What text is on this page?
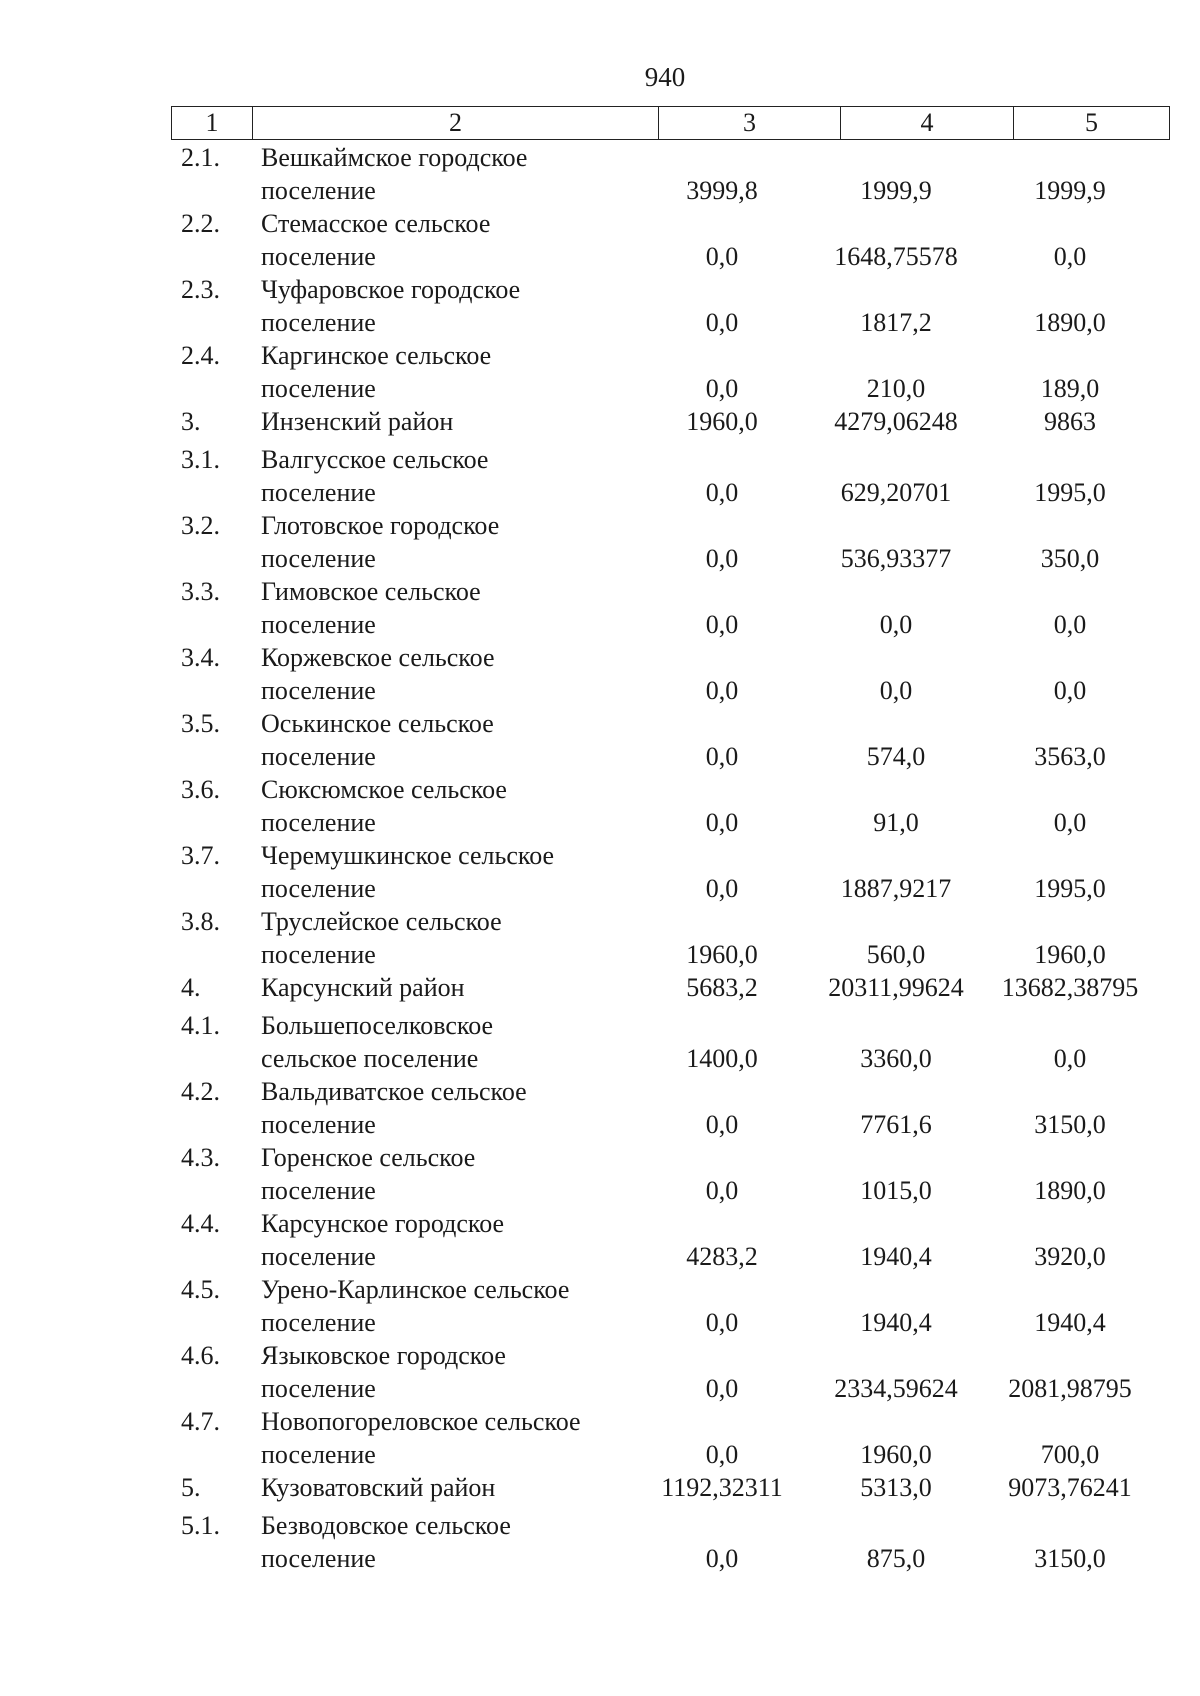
940
1	2	3	4	5
2.1.	Вешкаймское городское
поселение	3999,8	1999,9	1999,9
2.2.	Стемасское сельское
поселение	0,0	1648,75578	0,0
2.3.	Чуфаровское городское
поселение	0,0	1817,2	1890,0
2.4.	Каргинское сельское
поселение	0,0	210,0	189,0
3.	Инзенский район	1960,0	4279,06248	9863
3.1.	Валгусское сельское
поселение	0,0	629,20701	1995,0
3.2.	Глотовское городское
поселение	0,0	536,93377	350,0
3.3.	Гимовское сельское
поселение	0,0	0,0	0,0
3.4.	Коржевское сельское
поселение	0,0	0,0	0,0
3.5.	Оськинское сельское
поселение	0,0	574,0	3563,0
3.6.	Сюксюмское сельское
поселение	0,0	91,0	0,0
3.7.	Черемушкинское сельское
поселение	0,0	1887,9217	1995,0
3.8.	Труслейское сельское
поселение	1960,0	560,0	1960,0
4.	Карсунский район	5683,2	20311,99624	13682,38795
4.1.	Большепоселковское
сельское поселение	1400,0	3360,0	0,0
4.2.	Вальдиватское сельское
поселение	0,0	7761,6	3150,0
4.3.	Горенское сельское
поселение	0,0	1015,0	1890,0
4.4.	Карсунское городское
поселение	4283,2	1940,4	3920,0
4.5.	Урено-Карлинское сельское
поселение	0,0	1940,4	1940,4
4.6.	Языковское городское
поселение	0,0	2334,59624	2081,98795
4.7.	Новопогореловское сельское
поселение	0,0	1960,0	700,0
5.	Кузоватовский район	1192,32311	5313,0	9073,76241
5.1.	Безводовское сельское
поселение	0,0	875,0	3150,0
